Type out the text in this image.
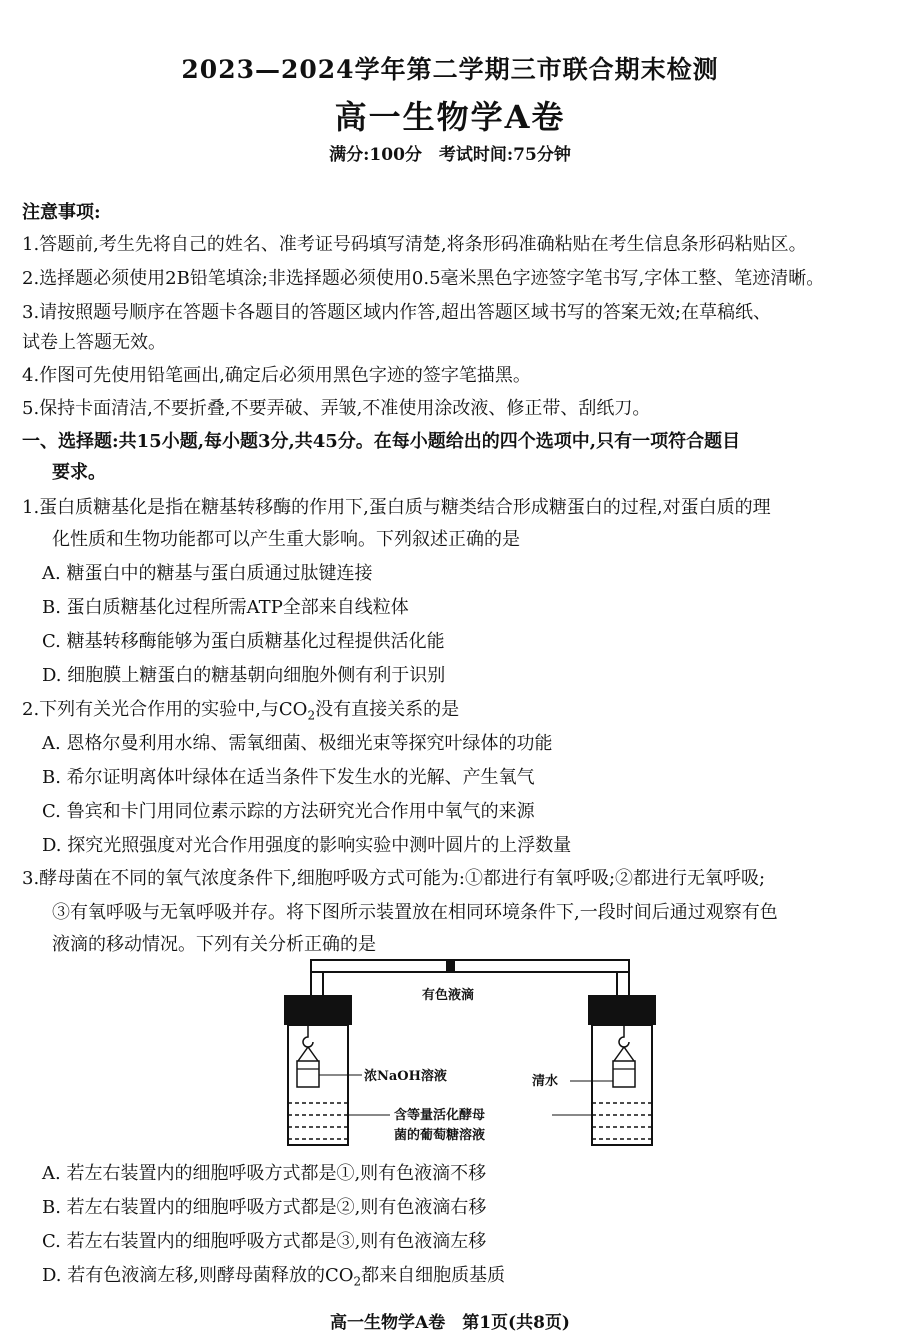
2023—2024学年第二学期三市联合期末检测
高一生物学A卷
满分:100分　考试时间:75分钟
注意事项:
1.答题前,考生先将自己的姓名、准考证号码填写清楚,将条形码准确粘贴在考生信息条形码粘贴区。
2.选择题必须使用2B铅笔填涂;非选择题必须使用0.5毫米黑色字迹签字笔书写,字体工整、笔迹清晰。
3.请按照题号顺序在答题卡各题目的答题区域内作答,超出答题区域书写的答案无效;在草稿纸、
试卷上答题无效。
4.作图可先使用铅笔画出,确定后必须用黑色字迹的签字笔描黑。
5.保持卡面清洁,不要折叠,不要弄破、弄皱,不准使用涂改液、修正带、刮纸刀。
一、选择题:共15小题,每小题3分,共45分。在每小题给出的四个选项中,只有一项符合题目
要求。
1.蛋白质糖基化是指在糖基转移酶的作用下,蛋白质与糖类结合形成糖蛋白的过程,对蛋白质的理
化性质和生物功能都可以产生重大影响。下列叙述正确的是
A. 糖蛋白中的糖基与蛋白质通过肽键连接
B. 蛋白质糖基化过程所需ATP全部来自线粒体
C. 糖基转移酶能够为蛋白质糖基化过程提供活化能
D. 细胞膜上糖蛋白的糖基朝向细胞外侧有利于识别
2.下列有关光合作用的实验中,与$CO_2$没有直接关系的是
A. 恩格尔曼利用水绵、需氧细菌、极细光束等探究叶绿体的功能
B. 希尔证明离体叶绿体在适当条件下发生水的光解、产生氧气
C. 鲁宾和卡门用同位素示踪的方法研究光合作用中氧气的来源
D. 探究光照强度对光合作用强度的影响实验中测叶圆片的上浮数量
3.酵母菌在不同的氧气浓度条件下,细胞呼吸方式可能为:①都进行有氧呼吸;②都进行无氧呼吸;
③有氧呼吸与无氧呼吸并存。将下图所示装置放在相同环境条件下,一段时间后通过观察有色
液滴的移动情况。下列有关分析正确的是
有色液滴
浓NaOH溶液	清水
含等量活化酵母
菌的葡萄糖溶液
A. 若左右装置内的细胞呼吸方式都是①,则有色液滴不移
B. 若左右装置内的细胞呼吸方式都是②,则有色液滴右移
C. 若左右装置内的细胞呼吸方式都是③,则有色液滴左移
D. 若有色液滴左移,则酵母菌释放的$CO_2$都来自细胞质基质
高一生物学A卷　第1页(共8页)
